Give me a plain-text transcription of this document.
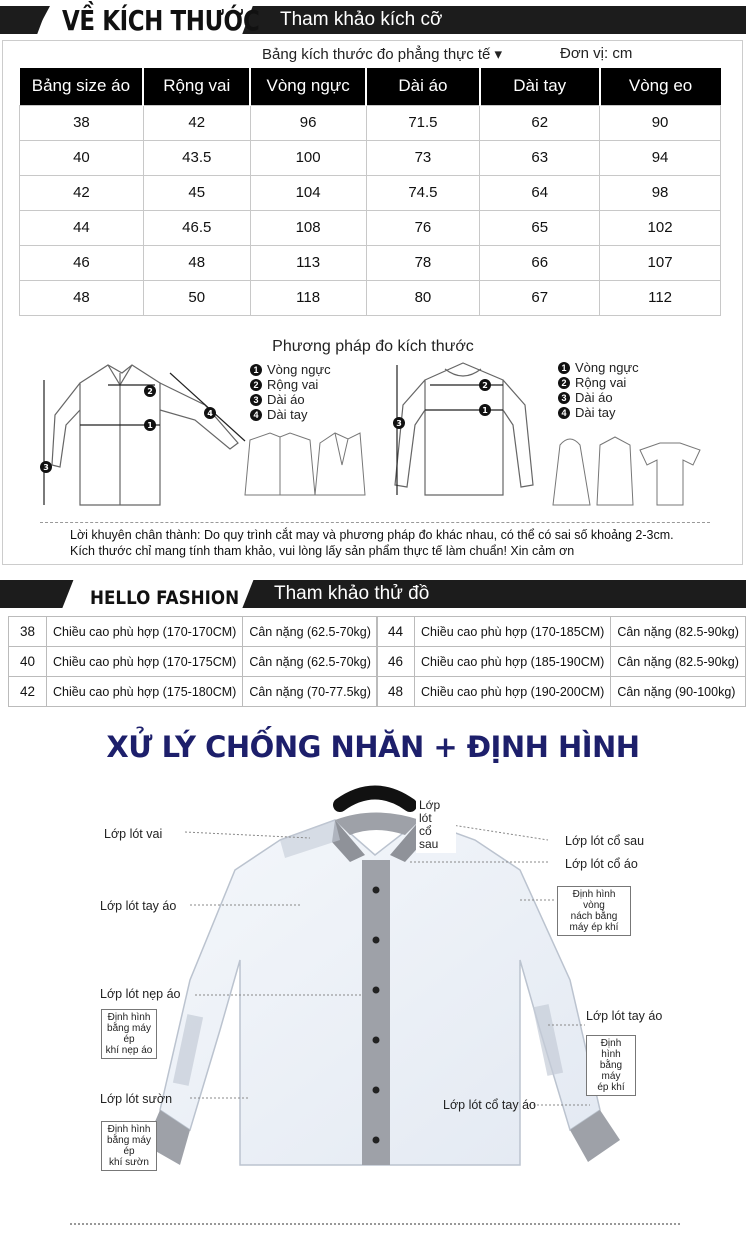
VỀ KÍCH THƯỚC Tham khảo kích cỡ
Bảng kích thước đo phẳng thực tế ▾	Đơn vị: cm
Bảng size áo	Rộng vai	Vòng ngực	Dài áo	Dài tay	Vòng eo
38	42	96	71.5	62	90
40	43.5	100	73	63	94
42	45	104	74.5	64	98
44	46.5	108	76	65	102
46	48	113	78	66	107
48	50	118	80	67	112
Phương pháp đo kích thước
1
2
3
4
1 Vòng ngực
2 Rộng vai
3 Dài áo
4 Dài tay	1
2
3
1 Vòng ngực
2 Rộng vai
3 Dài áo
4 Dài tay
Lời khuyên chân thành: Do quy trình cắt may và phương pháp đo khác nhau, có thể có sai số khoảng 2-3cm.
Kích thước chỉ mang tính tham khảo, vui lòng lấy sản phẩm thực tế làm chuẩn! Xin cảm ơn
HELLO FASHION Tham khảo thử đồ
38	Chiều cao phù hợp (170-170CM)	Cân nặng (62.5-70kg)
40	Chiều cao phù hợp (170-175CM)	Cân nặng (62.5-70kg)
42	Chiều cao phù hợp (175-180CM)	Cân nặng (70-77.5kg)
44	Chiều cao phù hợp (170-185CM)	Cân nặng (82.5-90kg)
46	Chiều cao phù hợp (185-190CM)	Cân nặng (82.5-90kg)
48	Chiều cao phù hợp (190-200CM)	Cân nặng (90-100kg)
XỬ LÝ CHỐNG NHĂN + ĐỊNH HÌNH
Lớp lót vai
Lớp lót tay áo
Lớp lót nẹp áo
Định hình
bằng máy ép
khí nẹp áo
Lớp lót sườn
Định hình
bằng máy ép
khí sườn
Lớp lót
cổ sau	Lớp lót cổ sau
Lớp lót cổ áo
Định hình vòng
nách bằng
máy ép khí
Lớp lót tay áo
Định hình
bằng máy
ép khí
Lớp lót cổ tay áo
